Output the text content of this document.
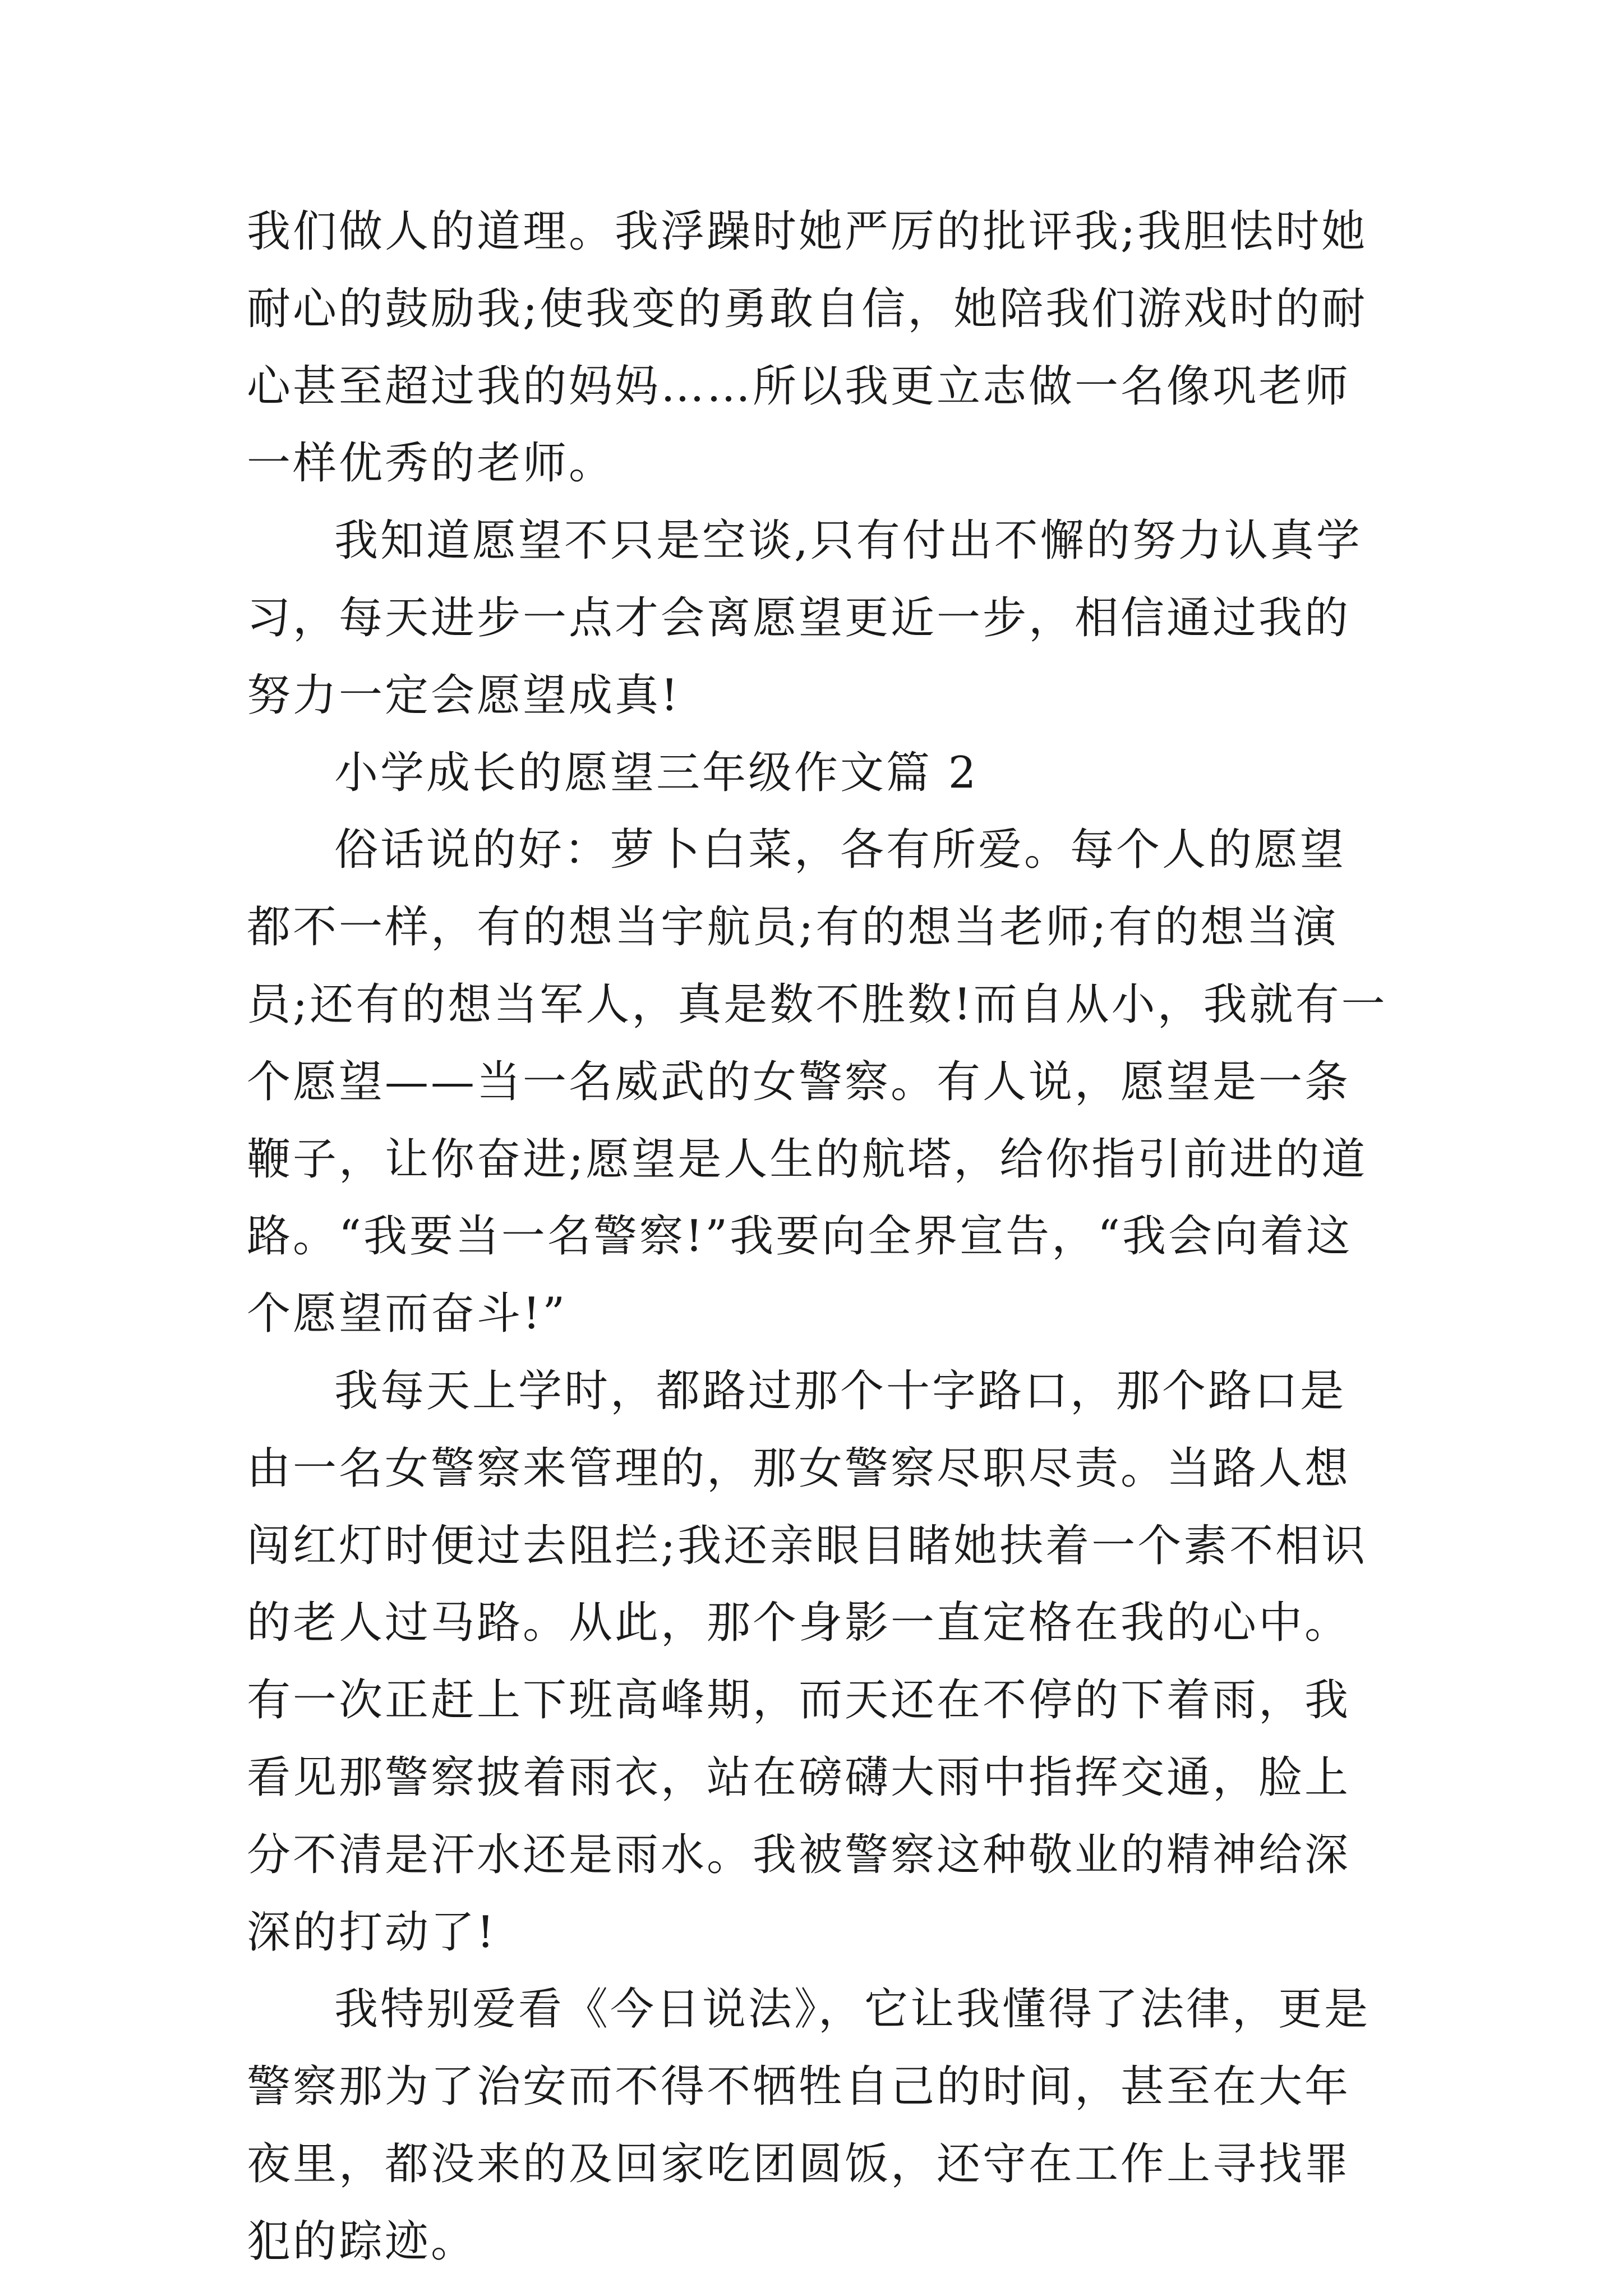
我们做人的道理。我浮躁时她严厉的批评我;我胆怯时她耐心的鼓励我;使我变的勇敢自信，她陪我们游戏时的耐心甚至超过我的妈妈……所以我更立志做一名像巩老师一样优秀的老师。

我知道愿望不只是空谈,只有付出不懈的努力认真学习，每天进步一点才会离愿望更近一步，相信通过我的努力一定会愿望成真!

小学成长的愿望三年级作文篇 2

俗话说的好：萝卜白菜，各有所爱。每个人的愿望都不一样，有的想当宇航员;有的想当老师;有的想当演员;还有的想当军人，真是数不胜数!而自从小，我就有一个愿望——当一名威武的女警察。有人说，愿望是一条鞭子，让你奋进;愿望是人生的航塔，给你指引前进的道路。“我要当一名警察!”我要向全界宣告，“我会向着这个愿望而奋斗!”

我每天上学时，都路过那个十字路口，那个路口是由一名女警察来管理的，那女警察尽职尽责。当路人想闯红灯时便过去阻拦;我还亲眼目睹她扶着一个素不相识的老人过马路。从此，那个身影一直定格在我的心中。有一次正赶上下班高峰期，而天还在不停的下着雨，我看见那警察披着雨衣，站在磅礴大雨中指挥交通，脸上分不清是汗水还是雨水。我被警察这种敬业的精神给深深的打动了!

我特别爱看《今日说法》，它让我懂得了法律，更是警察那为了治安而不得不牺牲自己的时间，甚至在大年夜里，都没来的及回家吃团圆饭，还守在工作上寻找罪犯的踪迹。
